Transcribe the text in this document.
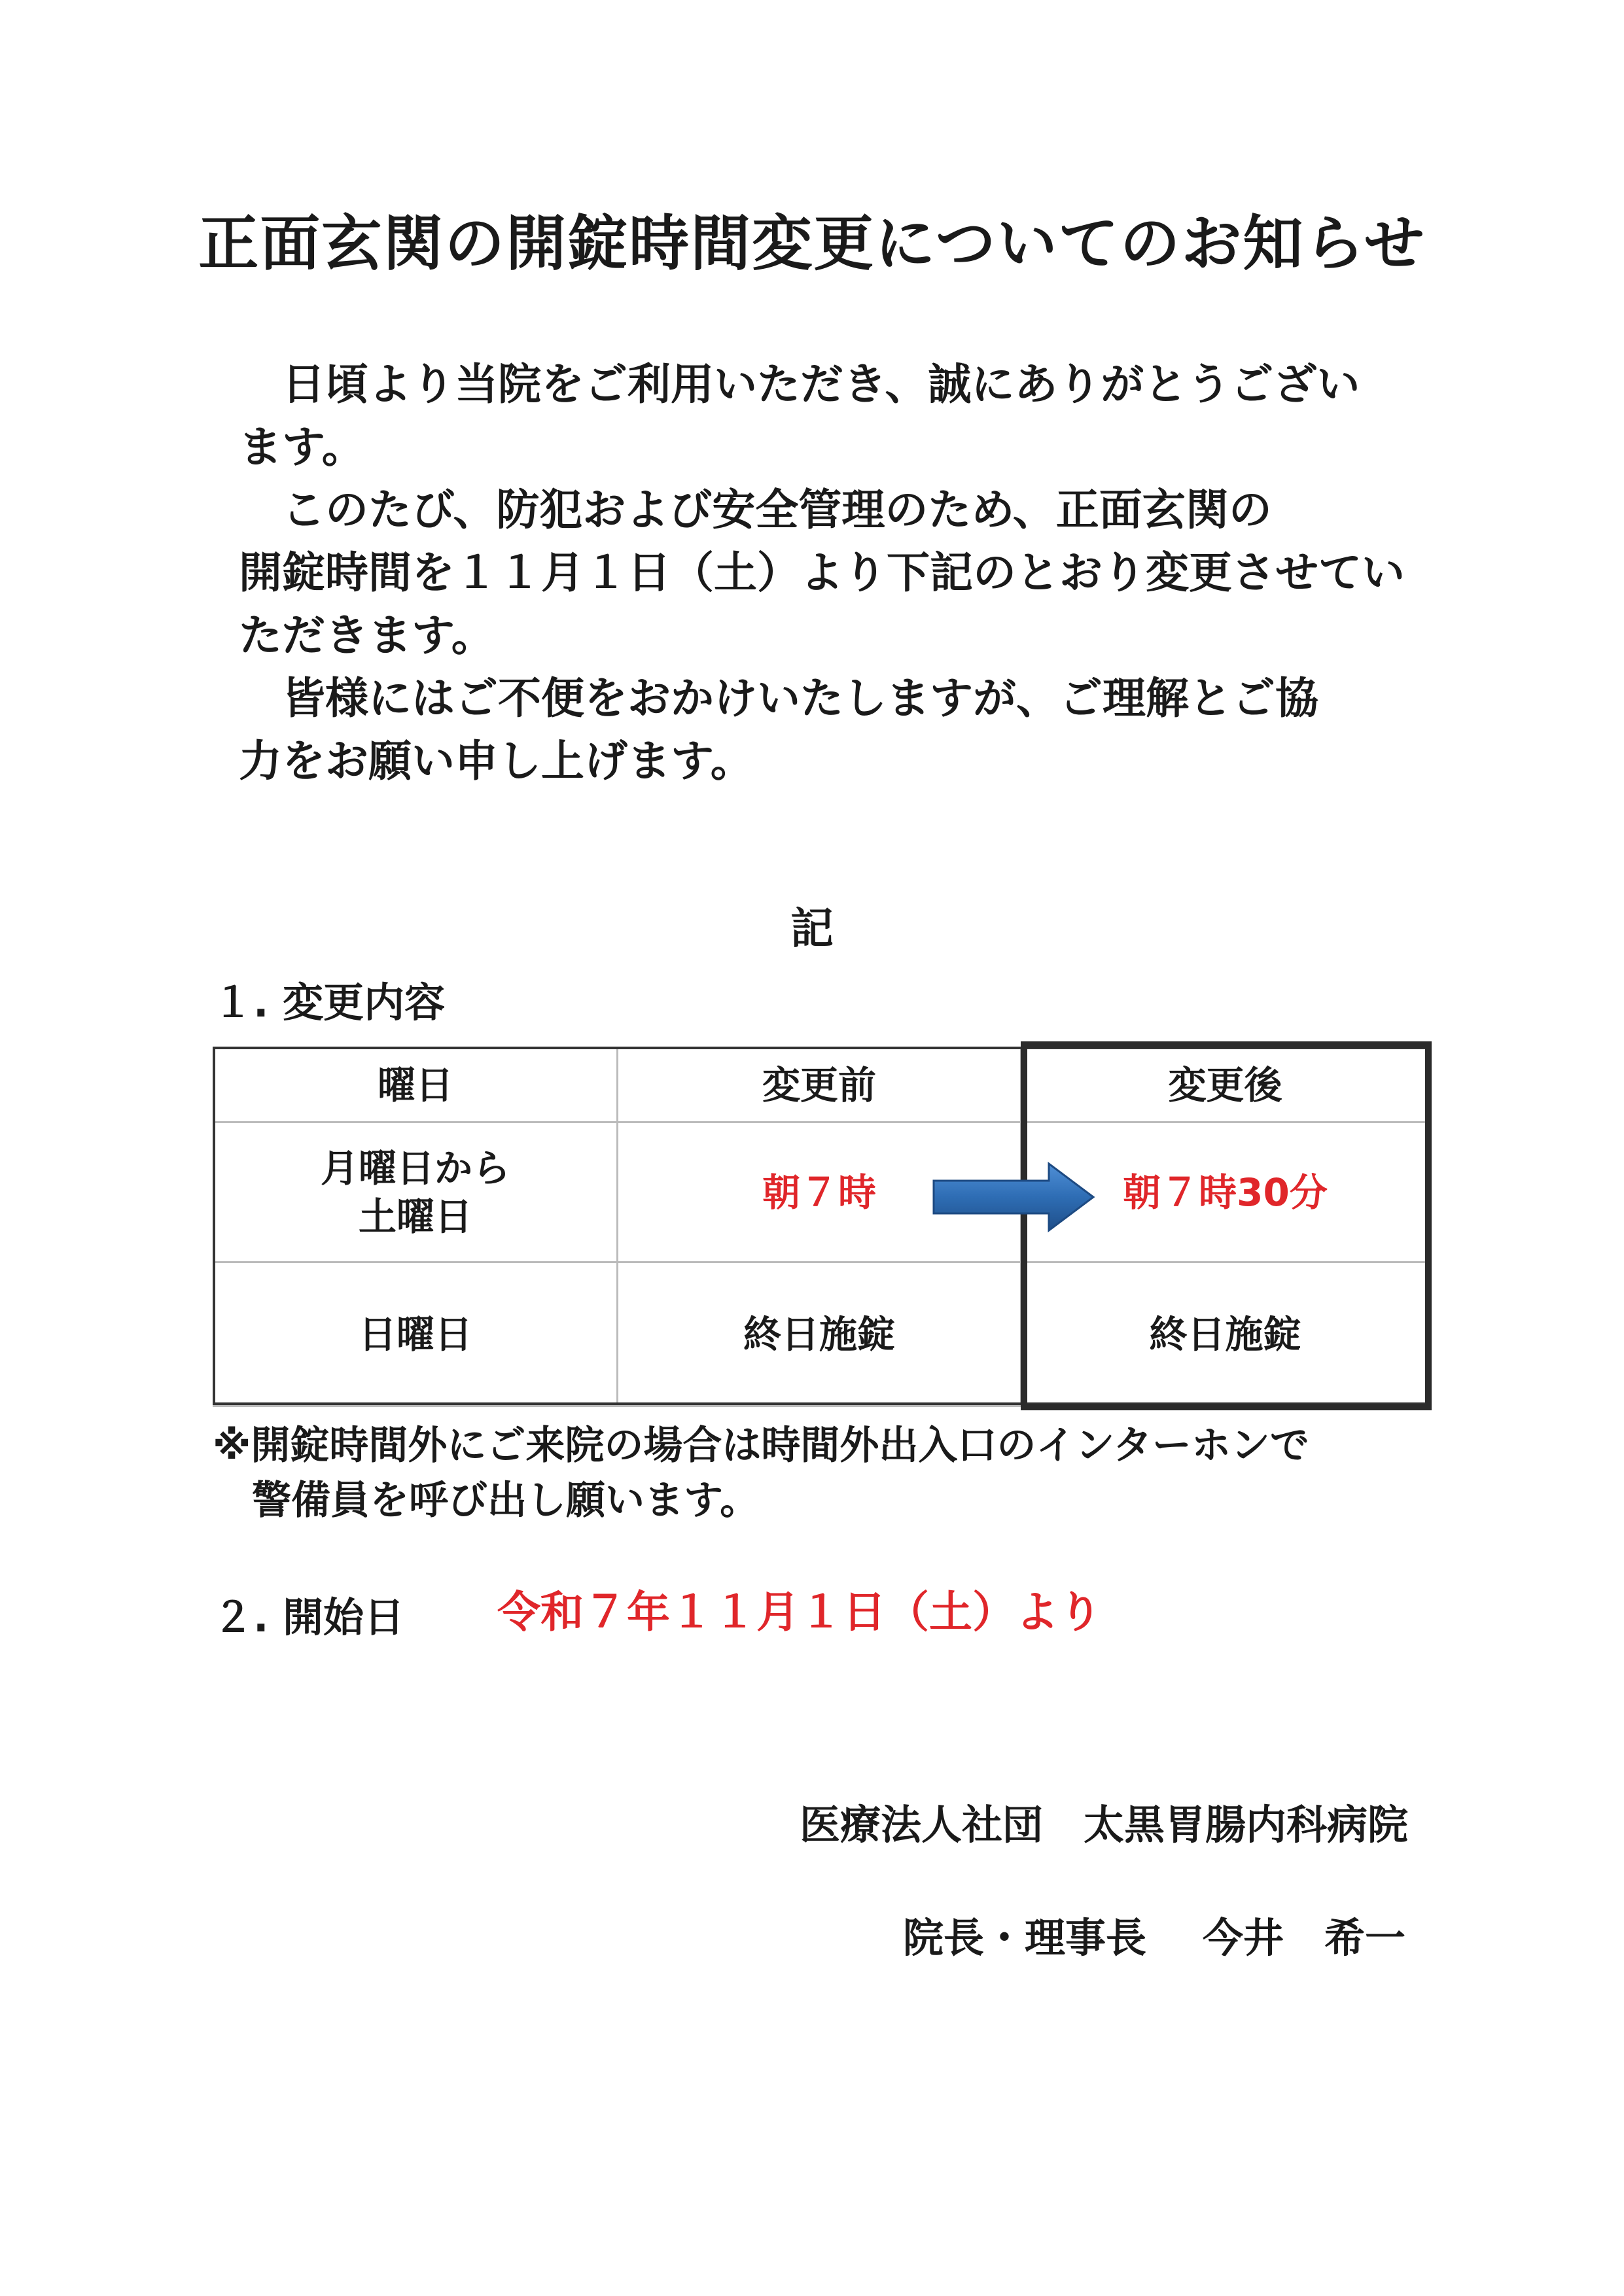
正面玄関の開錠時間変更についてのお知らせ
　日頃より当院をご利用いただき、誠にありがとうござい
ます。
　このたび、防犯および安全管理のため、正面玄関の
開錠時間を１１月１日（土）より下記のとおり変更させてい
ただきます。
　皆様にはご不便をおかけいたしますが、ご理解とご協
力をお願い申し上げます。
記
１. 変更内容
曜日	変更前	変更後
月曜日から
土曜日	朝７時	朝７時30分
日曜日	終日施錠	終日施錠
※開錠時間外にご来院の場合は時間外出入口のインターホンで
　警備員を呼び出し願います。
２. 開始日 令和７年１１月１日（土）より
医療法人社団　太黒胃腸内科病院
院長・理事長 今井　希一
